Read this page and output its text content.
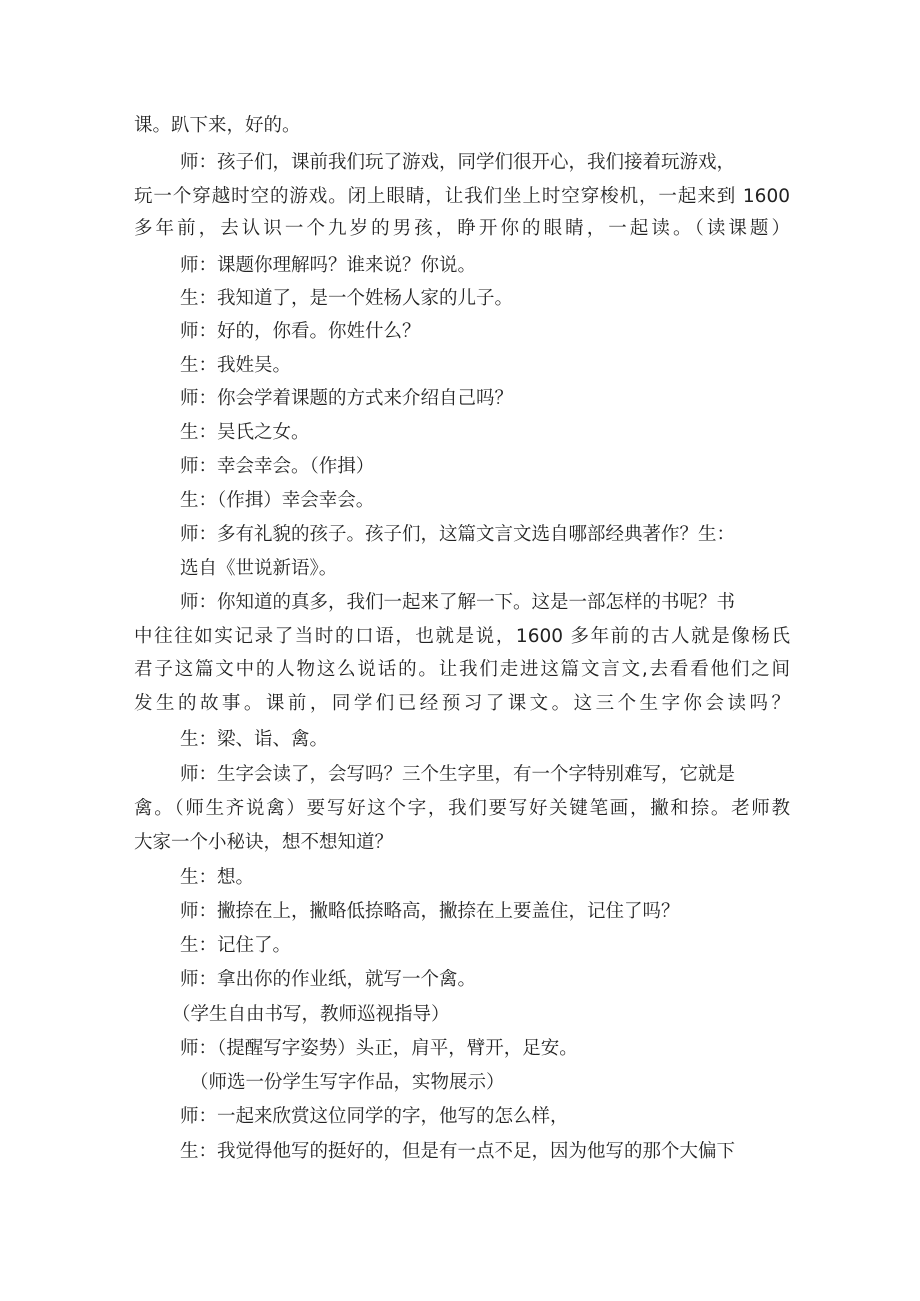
课。趴下来，好的。
师：孩子们，课前我们玩了游戏，同学们很开心，我们接着玩游戏，
玩一个穿越时空的游戏。闭上眼睛，让我们坐上时空穿梭机，一起来到 1600
多年前，去认识一个九岁的男孩，睁开你的眼睛，一起读。（读课题）
师：课题你理解吗？谁来说？你说。
生：我知道了，是一个姓杨人家的儿子。
师：好的，你看。你姓什么？
生：我姓吴。
师：你会学着课题的方式来介绍自己吗？
生：吴氏之女。
师：幸会幸会。（作揖）
生：（作揖）幸会幸会。
师：多有礼貌的孩子。孩子们，这篇文言文选自哪部经典著作？生：
选自《世说新语》。
师：你知道的真多，我们一起来了解一下。这是一部怎样的书呢？书
中往往如实记录了当时的口语，也就是说，1600 多年前的古人就是像杨氏
君子这篇文中的人物这么说话的。让我们走进这篇文言文,去看看他们之间
发生的故事。课前，同学们已经预习了课文。这三个生字你会读吗？
生：梁、诣、禽。
师：生字会读了，会写吗？三个生字里，有一个字特别难写，它就是
禽。（师生齐说禽）要写好这个字，我们要写好关键笔画，撇和捺。老师教
大家一个小秘诀，想不想知道？
生：想。
师：撇捺在上，撇略低捺略高，撇捺在上要盖住，记住了吗？
生：记住了。
师：拿出你的作业纸，就写一个禽。
（学生自由书写，教师巡视指导）
师：（提醒写字姿势）头正，肩平，臂开，足安。
（师选一份学生写字作品，实物展示）
师：一起来欣赏这位同学的字，他写的怎么样，
生：我觉得他写的挺好的，但是有一点不足，因为他写的那个大偏下
